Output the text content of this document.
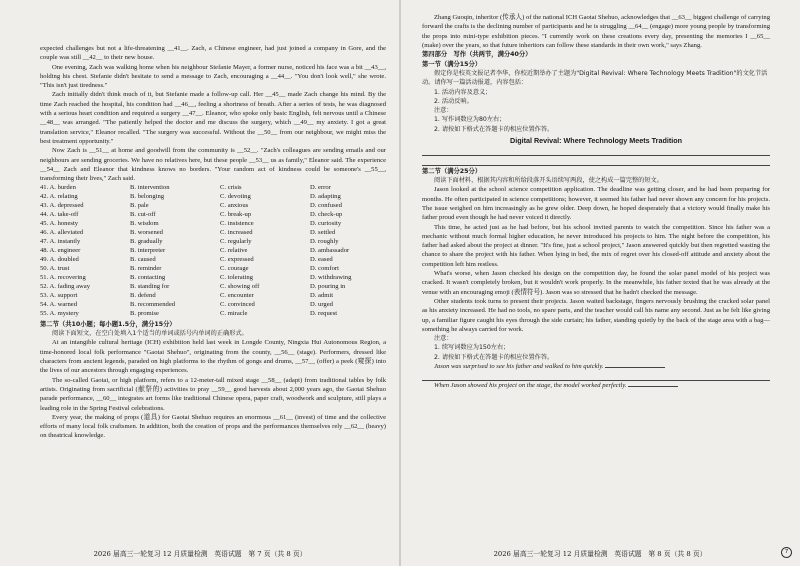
expected challenges but not a life-threatening __41__. Zach, a Chinese engineer, had just joined a company in Gore, and the couple was still __42__ to their new house.

One evening, Zach was walking home when his neighbour Stefanie Mayer, a former nurse, noticed his face was a bit __43__, holding his chest. Stefanie didn't hesitate to send a message to Zach, encouraging a __44__. "You don't look well," she wrote. "This isn't just tiredness."

Zach initially didn't think much of it, but Stefanie made a follow-up call. Her __45__ made Zach change his mind. By the time Zach reached the hospital, his condition had __46__, feeling a shortness of breath. After a series of tests, he was diagnosed with a serious heart condition and required a surgery __47__. Eleanor, who spoke only basic English, felt nervous until a Chinese __48__ was arranged. "The patiently helped the doctor and me discuss the surgery, which __49__ my anxiety. I got a great translation service," Eleanor recalled. "The surgery was successful. Without the __50__ from our neighbour, we might miss the best treatment opportunity."

Now Zach is __51__ at home and goodwill from the community is __52__. "Zach's colleagues are sending emails and our neighbours are sending groceries. We have no relatives here, but these people __53__ us as family," Eleanor said. The experience __54__ Zach and Eleanor that kindness knows no borders. "Your random act of kindness could be someone's __55__, transforming their lives," Zach said.

41. A. burden	B. intervention	C. crisis	D. error
42. A. relating	B. belonging	C. devoting	D. adapting
43. A. depressed	B. pale	C. anxious	D. confused
44. A. take-off	B. cut-off	C. break-up	D. check-up
45. A. honesty	B. wisdom	C. insistence	D. curiosity
46. A. alleviated	B. worsened	C. increased	D. settled
47. A. instantly	B. gradually	C. regularly	D. roughly
48. A. engineer	B. interpreter	C. relative	D. ambassador
49. A. doubled	B. caused	C. expressed	D. eased
50. A. trust	B. reminder	C. courage	D. comfort
51. A. recovering	B. contacting	C. tolerating	D. withdrawing
52. A. fading away	B. standing for	C. showing off	D. pouring in
53. A. support	B. defend	C. encounter	D. admit
54. A. warned	B. recommended	C. convinced	D. urged
55. A. mystery	B. promise	C. miracle	D. request
第二节（共10小题；每小题1.5分，满分15分）
阅读下面短文，在空白处填入1个适当的单词或括号内单词的正确形式。

At an intangible cultural heritage (ICH) exhibition held last week in Longde County, Ningxia Hui Autonomous Region, a time-honored local folk performance "Gaotai Shehuo", originating from the county, __56__ (stage). Performers, dressed like characters from ancient legends, paraded on high platforms to the rhythm of gongs and drums, __57__ (offer) a peek (窥探) into the lives of our ancestors through engaging experiences.

The so-called Gaotai, or high platform, refers to a 12-meter-tall mixed stage __58__ (adapt) from traditional tables by folk artists. Originating from sacrificial (献祭的) activities to pray __59__ good harvests about 2,000 years ago, the Gaotai Shehuo parade performance, __60__ integrates art forms like traditional Chinese opera, paper craft, woodwork and sculpture, still plays a leading role in the Spring Festival celebrations.

Every year, the making of props (道具) for Gaotai Shehuo requires an enormous __61__ (invest) of time and the collective efforts of many local folk craftsmen. In addition, both the creation of props and the performances themselves rely __62__ (heavy) on theatrical knowledge.

2026 届高三一轮复习 12 月质量检测　英语试题　第 7 页（共 8 页）

Zhang Guoqin, inheritor (传承人) of the national ICH Gaotai Shehuo, acknowledges that __63__ biggest challenge of carrying forward the crafts is the declining number of participants and he is struggling __64__ (engage) more young people by transforming the props into mini-type exhibition pieces. "I currently work on these creations every day, presenting the memories I __65__ (make) over the years, so that future inheritors can follow these standards in their own work," says Zhang.

第四部分　写作（共两节，满分40分）
第一节（满分15分）
假定你是校英文报记者李华，你校近期举办了主题为"Digital Revival: Where Technology Meets Tradition"的文化节活动。请你写一篇活动报道，内容包括：
1. 活动内容及意义；
2. 活动反响。
注意：
1. 写作词数应为80左右；
2. 请按如下格式在答题卡的相应位置作答。
Digital Revival: Where Technology Meets Tradition
第二节（满分25分）
阅读下面材料，根据其内容和所给段落开头语续写两段，使之构成一篇完整的短文。

Jason looked at the school science competition application. The deadline was getting closer, and he had been preparing for months. He often participated in science competitions; however, it seemed his father had never shown any concern for his projects. The issue weighed on him increasingly as he grew older. Deep down, he hoped desperately that a victory would finally make his father proud even though he had never voiced it directly.

This time, he acted just as he had before, but his school invited parents to watch the competition. Since his father was a mechanic without much formal higher education, he never introduced his projects to him. The night before the competition, his father had asked about the project at dinner. "It's fine, just a school project," Jason answered quickly but then regretted wasting the chance to share the project with his father. When lying in bed, the mix of regret over his closed-off attitude and anxiety about the competition left him restless.

What's worse, when Jason checked his design on the competition day, he found the solar panel model of his project was cracked. It wasn't completely broken, but it wouldn't work properly. In the meanwhile, his father texted that he was already at the venue with an encouraging emoji (表情符号). Jason was so stressed that he hadn't checked the message.

Other students took turns to present their projects. Jason waited backstage, fingers nervously brushing the cracked solar panel as his anxiety increased. He had no tools, no spare parts, and the teacher would call his name any second. Just as he felt like giving up, a familiar figure caught his eyes through the side curtain; his father, standing quietly by the back of the stage area with a bag—something he always carried for work.

注意：
1. 续写词数应为150左右；
2. 请按如下格式在答题卡的相应位置作答。
Jason was surprised to see his father and walked to him quickly.
When Jason showed his project on the stage, the model worked perfectly.
2026 届高三一轮复习 12 月质量检测　英语试题　第 8 页（共 8 页）	7
